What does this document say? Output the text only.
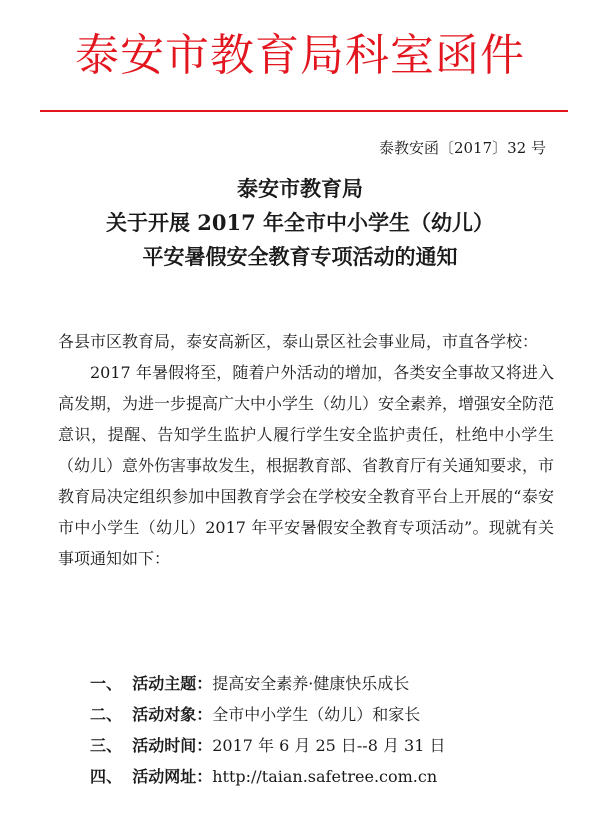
泰安市教育局科室函件
泰教安函〔2017〕32 号
泰安市教育局
关于开展 2017 年全市中小学生（幼儿）
平安暑假安全教育专项活动的通知

各县市区教育局，泰安高新区，泰山景区社会事业局，市直各学校：

2017 年暑假将至，随着户外活动的增加，各类安全事故又将进入高发期，为进一步提高广大中小学生（幼儿）安全素养，增强安全防范意识，提醒、告知学生监护人履行学生安全监护责任，杜绝中小学生（幼儿）意外伤害事故发生，根据教育部、省教育厅有关通知要求，市教育局决定组织参加中国教育学会在学校安全教育平台上开展的“泰安市中小学生（幼儿）2017 年平安暑假安全教育专项活动”。现就有关事项通知如下：

一、 活动主题：提高安全素养·健康快乐成长
二、 活动对象：全市中小学生（幼儿）和家长
三、 活动时间：2017 年 6 月 25 日--8 月 31 日
四、 活动网址：http://taian.safetree.com.cn
